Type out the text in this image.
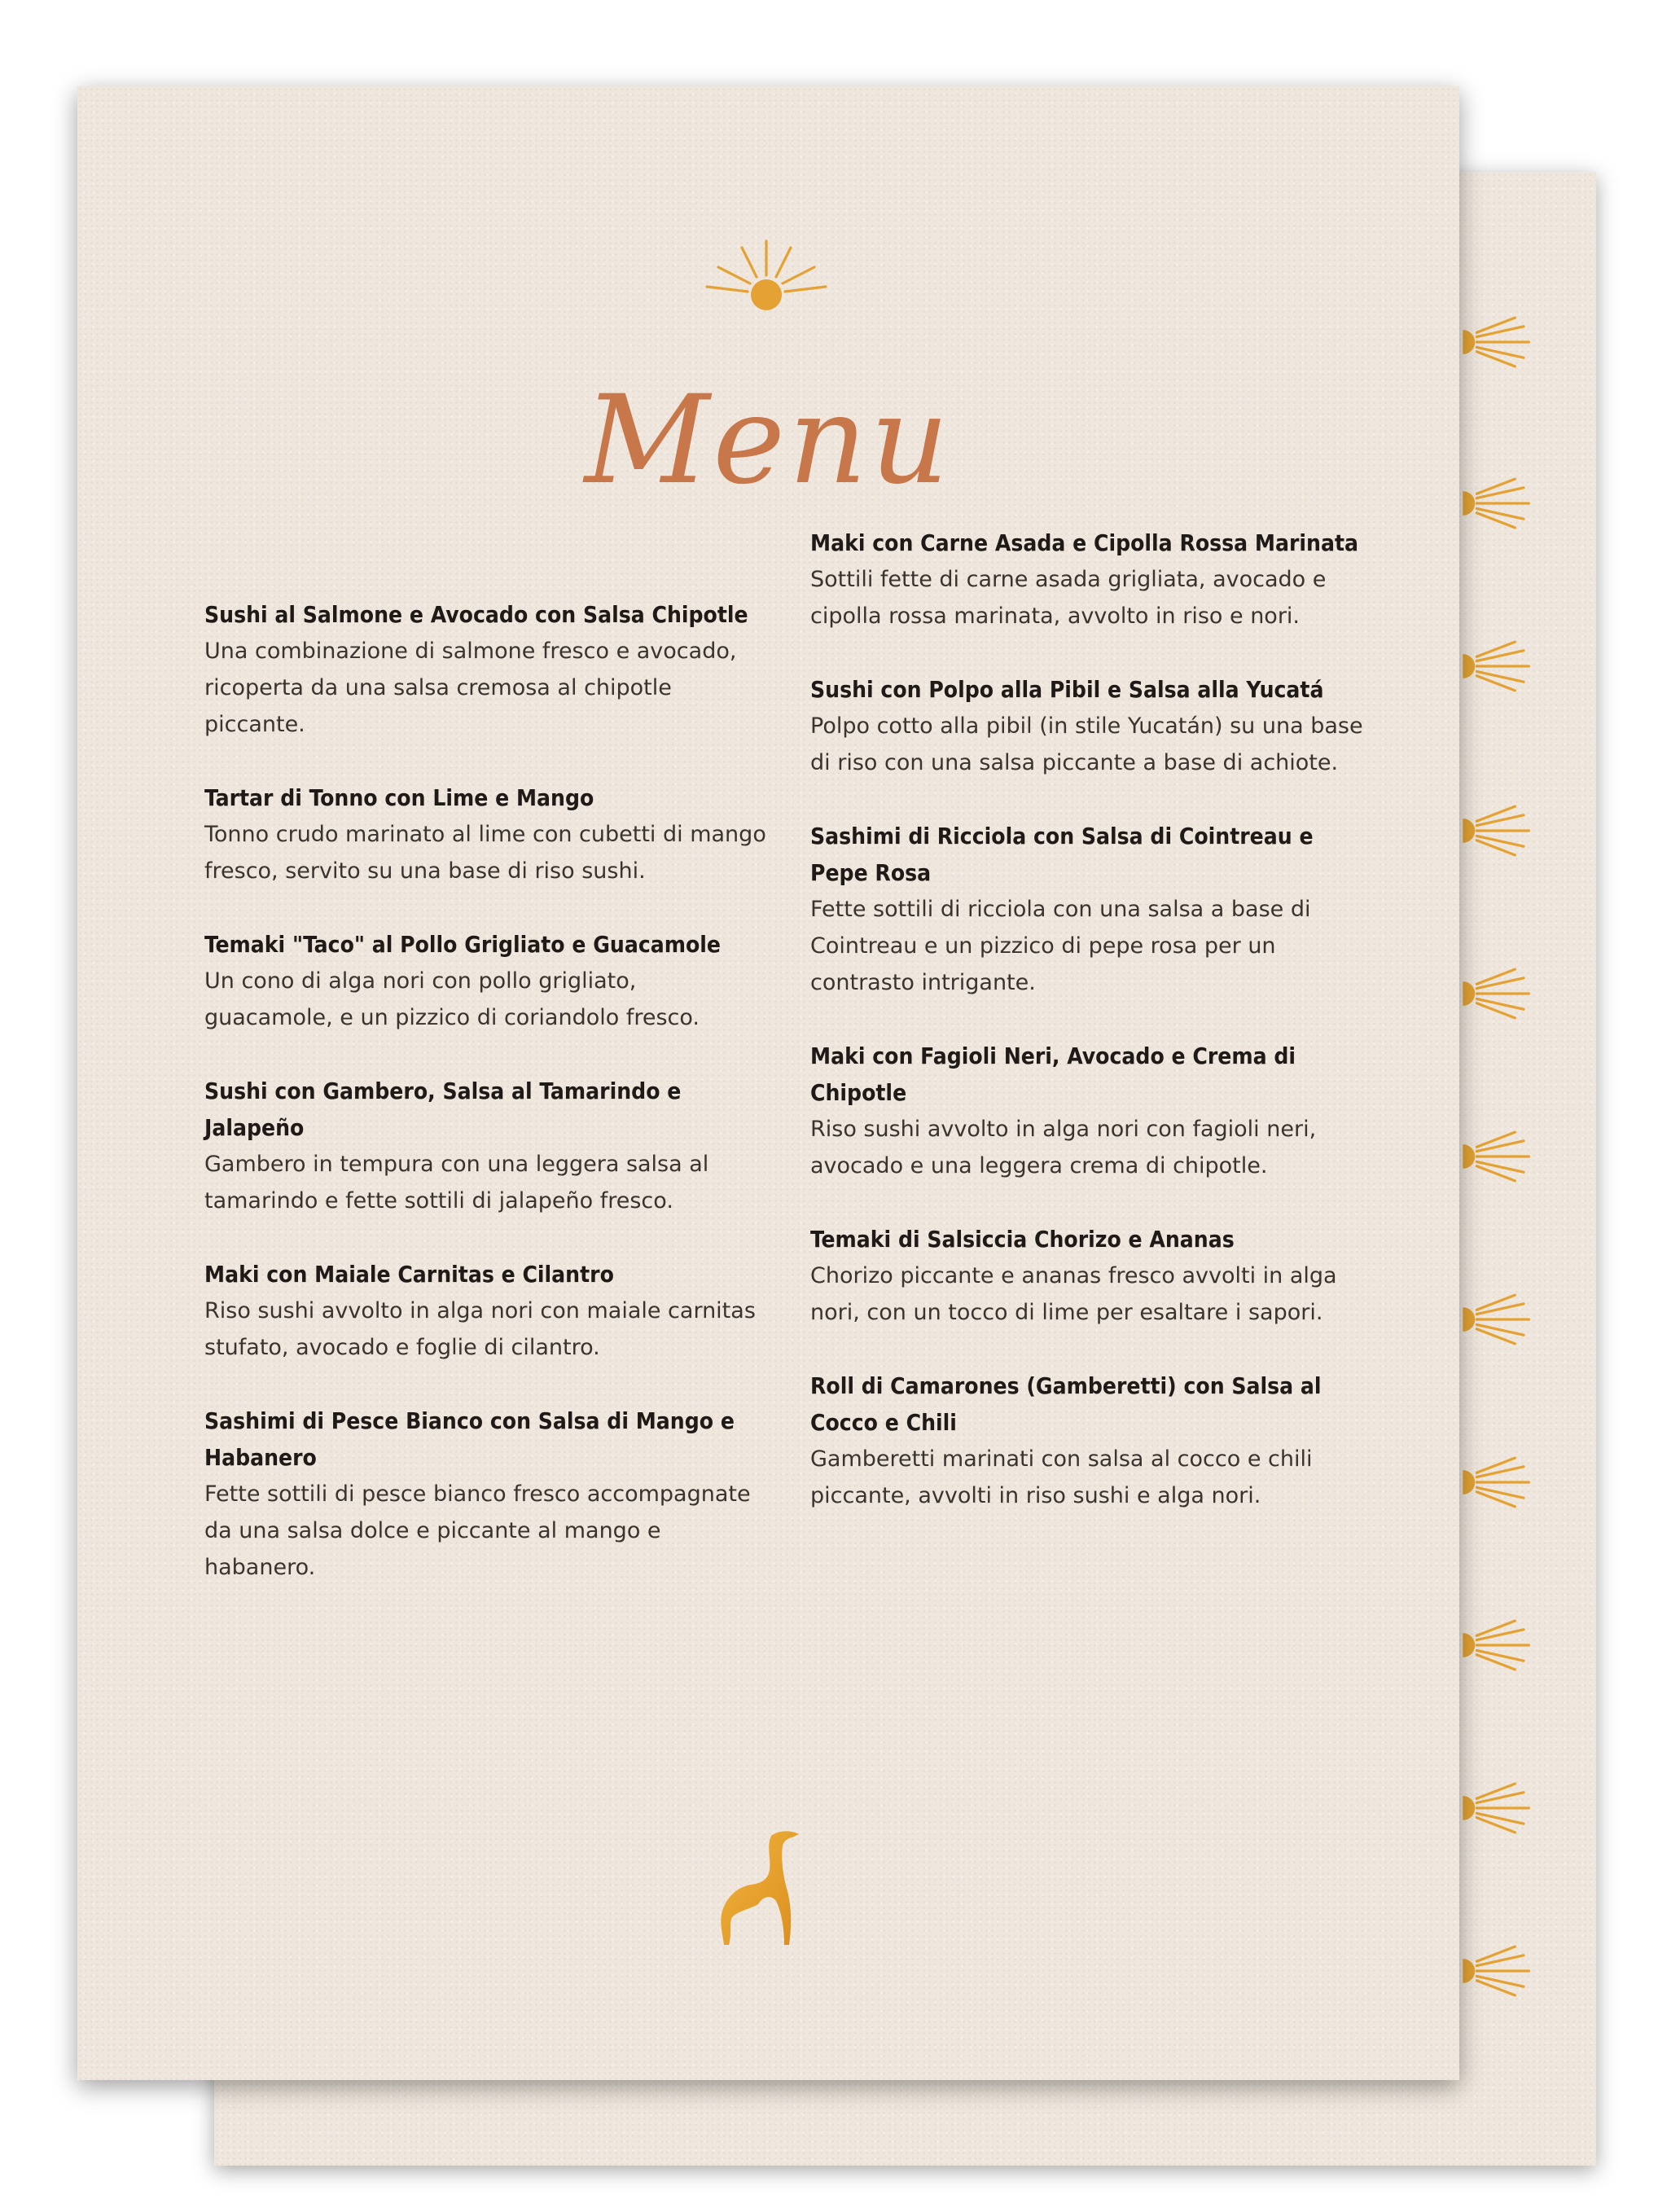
Menu
Sushi al Salmone e Avocado con Salsa Chipotle
Una combinazione di salmone fresco e avocado, ricoperta da una salsa cremosa al chipotle piccante.
Tartar di Tonno con Lime e Mango
Tonno crudo marinato al lime con cubetti di mango fresco, servito su una base di riso sushi.
Temaki "Taco" al Pollo Grigliato e Guacamole
Un cono di alga nori con pollo grigliato, guacamole, e un pizzico di coriandolo fresco.
Sushi con Gambero, Salsa al Tamarindo e Jalapeño
Gambero in tempura con una leggera salsa al tamarindo e fette sottili di jalapeño fresco.
Maki con Maiale Carnitas e Cilantro
Riso sushi avvolto in alga nori con maiale carnitas stufato, avocado e foglie di cilantro.
Sashimi di Pesce Bianco con Salsa di Mango e Habanero
Fette sottili di pesce bianco fresco accompagnate da una salsa dolce e piccante al mango e habanero.
Maki con Carne Asada e Cipolla Rossa Marinata
Sottili fette di carne asada grigliata, avocado e cipolla rossa marinata, avvolto in riso e nori.
Sushi con Polpo alla Pibil e Salsa alla Yucatá
Polpo cotto alla pibil (in stile Yucatán) su una base di riso con una salsa piccante a base di achiote.
Sashimi di Ricciola con Salsa di Cointreau e Pepe Rosa
Fette sottili di ricciola con una salsa a base di Cointreau e un pizzico di pepe rosa per un contrasto intrigante.
Maki con Fagioli Neri, Avocado e Crema di Chipotle
Riso sushi avvolto in alga nori con fagioli neri, avocado e una leggera crema di chipotle.
Temaki di Salsiccia Chorizo e Ananas
Chorizo piccante e ananas fresco avvolti in alga nori, con un tocco di lime per esaltare i sapori.
Roll di Camarones (Gamberetti) con Salsa al Cocco e Chili
Gamberetti marinati con salsa al cocco e chili piccante, avvolti in riso sushi e alga nori.
